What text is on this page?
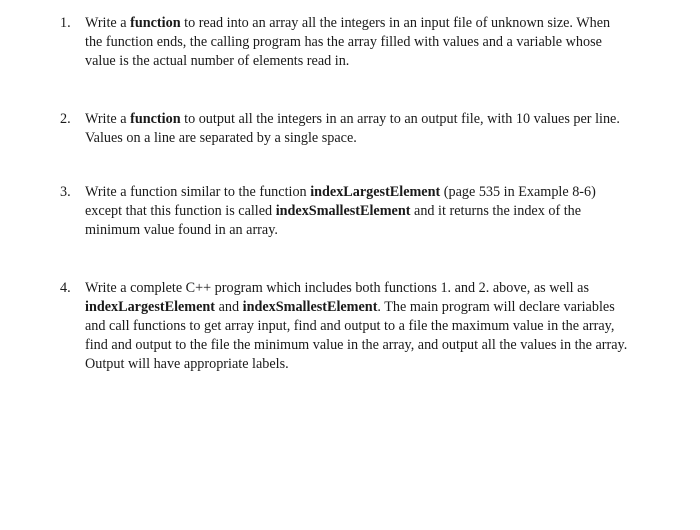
1.	Write a function to read into an array all the integers in an input file of unknown size. When the function ends, the calling program has the array filled with values and a variable whose value is the actual number of elements read in.
2.	Write a function to output all the integers in an array to an output file, with 10 values per line. Values on a line are separated by a single space.
3.	Write a function similar to the function indexLargestElement (page 535 in Example 8-6) except that this function is called indexSmallestElement and it returns the index of the minimum value found in an array.
4.	Write a complete C++ program which includes both functions 1. and 2. above, as well as indexLargestElement and indexSmallestElement. The main program will declare variables and call functions to get array input, find and output to a file the maximum value in the array, find and output to the file the minimum value in the array, and output all the values in the array. Output will have appropriate labels.
